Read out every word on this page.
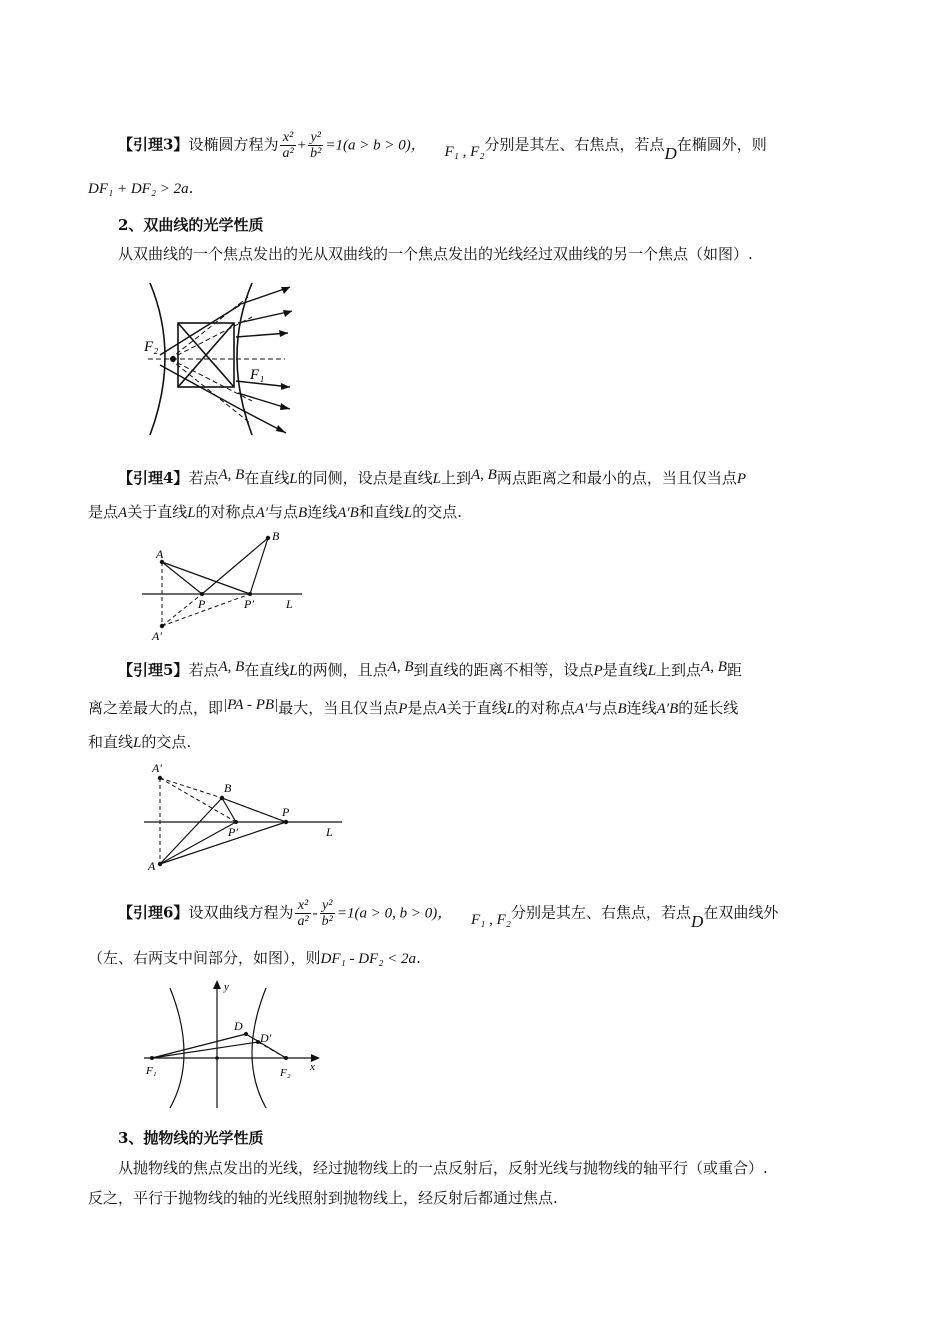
【引理3】设椭圆方程为 $\frac{\text{x²}}{\text{a²}} + \frac{\text{y²}}{\text{b²}} =1(a > b > 0)$， F₁ , F₂分别是其左、右焦点，若点D在椭圆外，则
DF₁ + DF₂ > 2a.
2、双曲线的光学性质
从双曲线的一个焦点发出的光从双曲线的一个焦点发出的光线经过双曲线的另一个焦点（如图）.
F₂
F₁
【引理4】若点A, B在直线L的同侧，设点是直线L上到A, B两点距离之和最小的点，当且仅当点P
是点A关于直线L的对称点A′与点B连线A′B和直线L的交点.
A
B
P	P′	L
A′
【引理5】若点A, B在直线L的两侧，且点A, B到直线的距离不相等，设点P是直线L上到点A, B距
离之差最大的点，即|PA - PB|最大，当且仅当点P是点A关于直线L的对称点A′与点B连线A′B的延长线
和直线L的交点.
A′
B
P
P′	L
A
【引理6】设双曲线方程为 $\frac{\text{x²}}{\text{a²}} - \frac{\text{y²}}{\text{b²}} =1(a > 0$, b > 0)， F₁ , F₂分别是其左、右焦点，若点D在双曲线外
（左、右两支中间部分，如图），则DF₁ - DF₂ < 2a.
y
x
D
D′
F₁	F₂
3、抛物线的光学性质
从抛物线的焦点发出的光线，经过抛物线上的一点反射后，反射光线与抛物线的轴平行（或重合）.
反之，平行于抛物线的轴的光线照射到抛物线上，经反射后都通过焦点.
